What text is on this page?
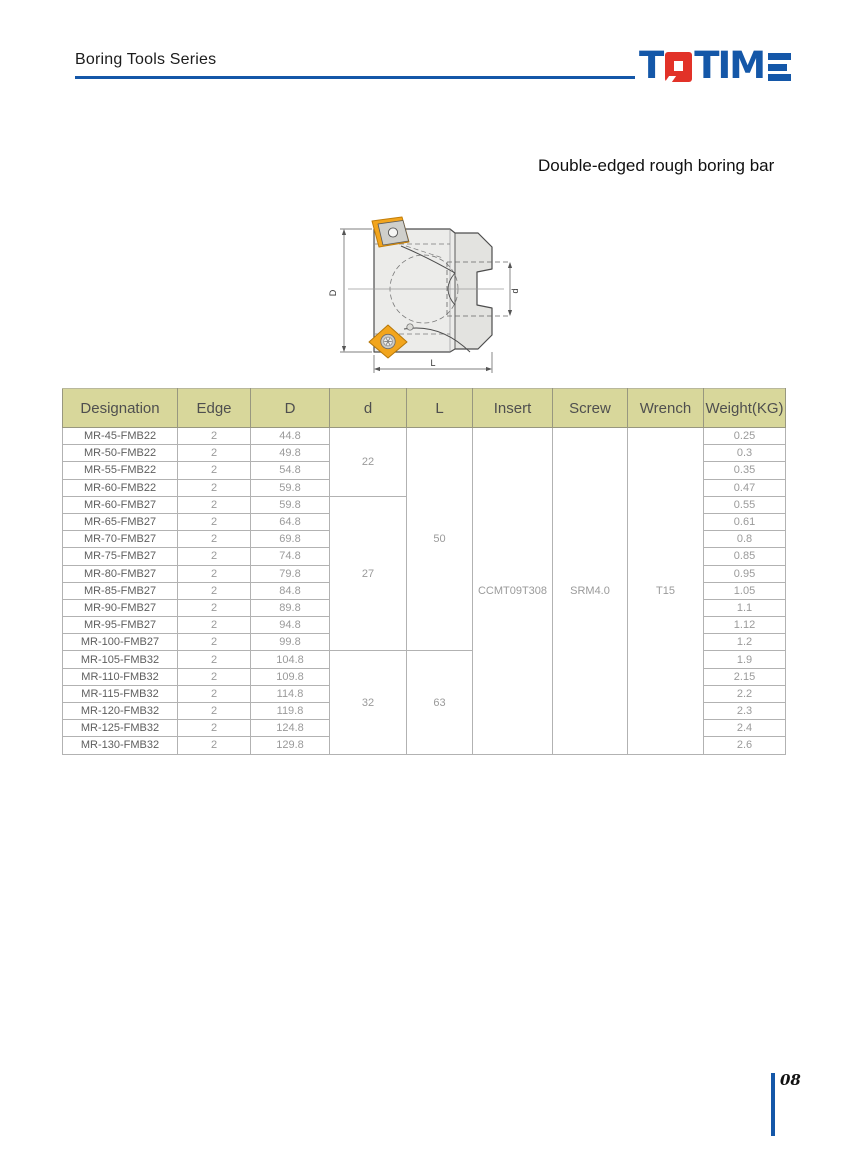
Boring Tools Series	T TIM
Double-edged rough boring bar
D	d
L
Designation	Edge	D	d	L	Insert	Screw	Wrench	Weight(KG)
MR-45-FMB22	2	44.8	22	50	CCMT09T308	SRM4.0	T15	0.25
MR-50-FMB22	2	49.8						0.3
MR-55-FMB22	2	54.8						0.35
MR-60-FMB22	2	59.8						0.47
MR-60-FMB27	2	59.8	27					0.55
MR-65-FMB27	2	64.8						0.61
MR-70-FMB27	2	69.8						0.8
MR-75-FMB27	2	74.8						0.85
MR-80-FMB27	2	79.8						0.95
MR-85-FMB27	2	84.8						1.05
MR-90-FMB27	2	89.8						1.1
MR-95-FMB27	2	94.8						1.12
MR-100-FMB27	2	99.8						1.2
MR-105-FMB32	2	104.8	32	63				1.9
MR-110-FMB32	2	109.8						2.15
MR-115-FMB32	2	114.8						2.2
MR-120-FMB32	2	119.8						2.3
MR-125-FMB32	2	124.8						2.4
MR-130-FMB32	2	129.8						2.6
08
